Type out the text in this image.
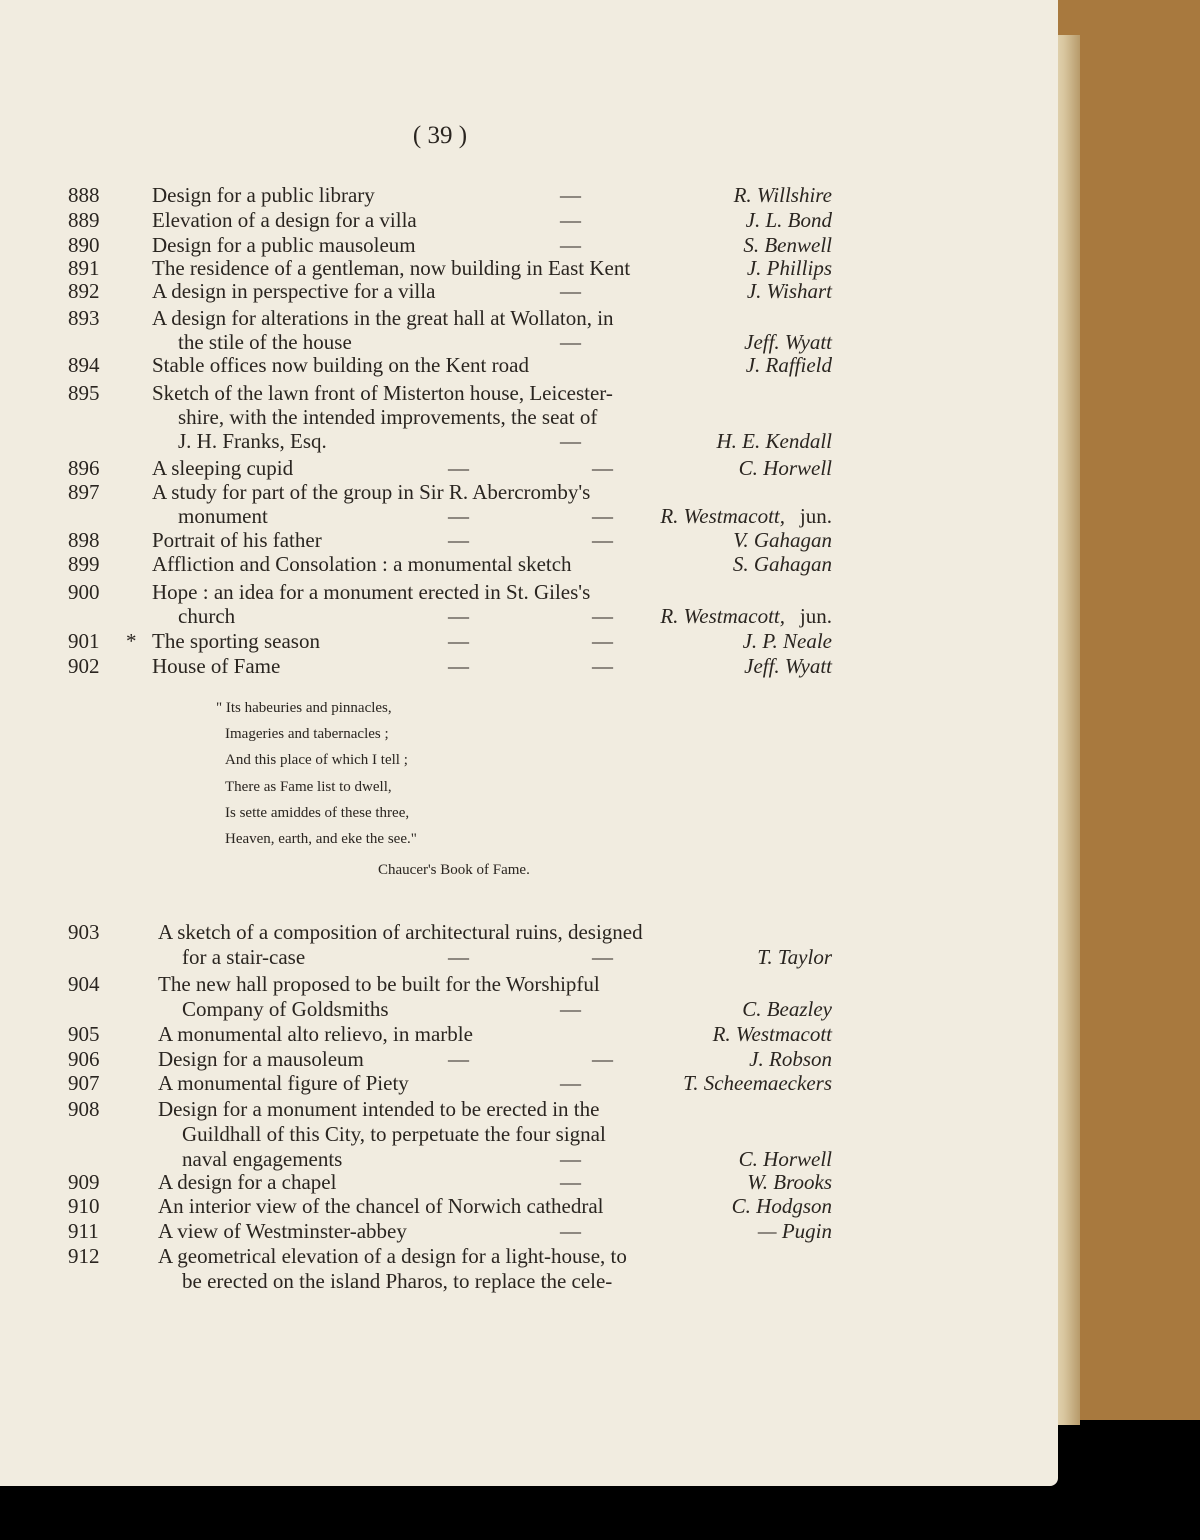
( 39 )
888	Design for a public library	—	R. Willshire
889	Elevation of a design for a villa	—	J. L. Bond
890	Design for a public mausoleum	—	S. Benwell
891	The residence of a gentleman, now building in East Kent	J. Phillips
892	A design in perspective for a villa	—	J. Wishart
893	A design for alterations in the great hall at Wollaton, in
the stile of the house	—	Jeff. Wyatt
894	Stable offices now building on the Kent road	J. Raffield
895	Sketch of the lawn front of Misterton house, Leicester-
shire, with the intended improvements, the seat of
J. H. Franks, Esq.	—	H. E. Kendall
896	A sleeping cupid	—	—	C. Horwell
897	A study for part of the group in Sir R. Abercromby's
monument	—	— R. Westmacott, jun.
898	Portrait of his father	—	—	V. Gahagan
899	Affliction and Consolation : a monumental sketch	S. Gahagan
900	Hope : an idea for a monument erected in St. Giles's
church	—	— R. Westmacott, jun.
901	* The sporting season	—	—	J. P. Neale
902	House of Fame	—	—	Jeff. Wyatt
" Its habeuries and pinnacles,
Imageries and tabernacles ;
And this place of which I tell ;
There as Fame list to dwell,
Is sette amiddes of these three,
Heaven, earth, and eke the see."
Chaucer's Book of Fame.
903	A sketch of a composition of architectural ruins, designed
for a stair-case	—	—	T. Taylor
904	The new hall proposed to be built for the Worshipful
Company of Goldsmiths	—	C. Beazley
905	A monumental alto relievo, in marble	R. Westmacott
906	Design for a mausoleum	—	—	J. Robson
907	A monumental figure of Piety	—	T. Scheemaeckers
908	Design for a monument intended to be erected in the
Guildhall of this City, to perpetuate the four signal
naval engagements	—	C. Horwell
909	A design for a chapel	—	W. Brooks
910	An interior view of the chancel of Norwich cathedral	C. Hodgson
911	A view of Westminster-abbey	—	— Pugin
912	A geometrical elevation of a design for a light-house, to
be erected on the island Pharos, to replace the cele-
